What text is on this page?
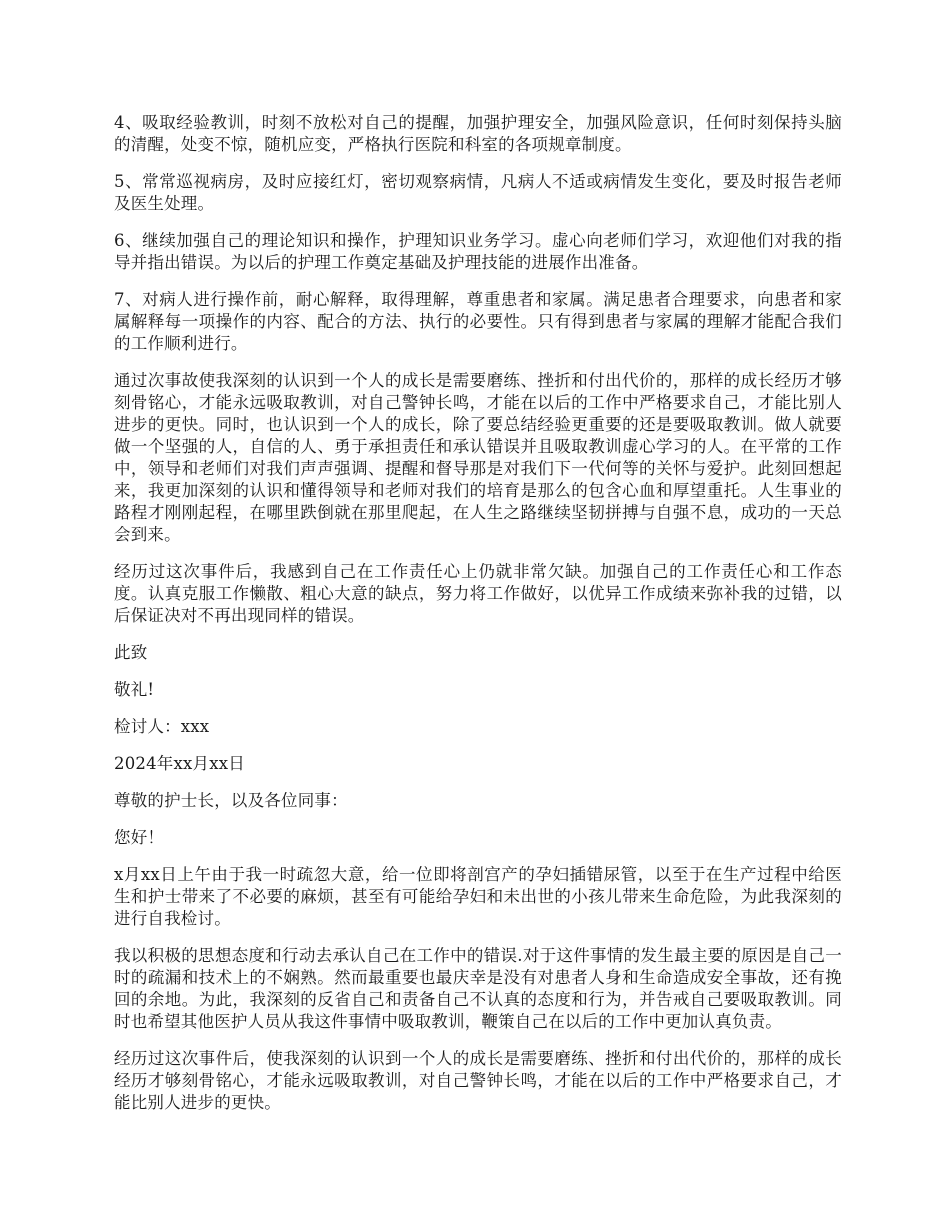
4、吸取经验教训，时刻不放松对自己的提醒，加强护理安全，加强风险意识，任何时刻保持头脑的清醒，处变不惊，随机应变，严格执行医院和科室的各项规章制度。

5、常常巡视病房，及时应接红灯，密切观察病情，凡病人不适或病情发生变化，要及时报告老师及医生处理。

6、继续加强自己的理论知识和操作，护理知识业务学习。虚心向老师们学习，欢迎他们对我的指导并指出错误。为以后的护理工作奠定基础及护理技能的进展作出准备。

7、对病人进行操作前，耐心解释，取得理解，尊重患者和家属。满足患者合理要求，向患者和家属解释每一项操作的内容、配合的方法、执行的必要性。只有得到患者与家属的理解才能配合我们的工作顺利进行。

通过次事故使我深刻的认识到一个人的成长是需要磨练、挫折和付出代价的，那样的成长经历才够刻骨铭心，才能永远吸取教训，对自己警钟长鸣，才能在以后的工作中严格要求自己，才能比别人进步的更快。同时，也认识到一个人的成长，除了要总结经验更重要的还是要吸取教训。做人就要做一个坚强的人，自信的人、勇于承担责任和承认错误并且吸取教训虚心学习的人。在平常的工作中，领导和老师们对我们声声强调、提醒和督导那是对我们下一代何等的关怀与爱护。此刻回想起来，我更加深刻的认识和懂得领导和老师对我们的培育是那么的包含心血和厚望重托。人生事业的路程才刚刚起程，在哪里跌倒就在那里爬起，在人生之路继续坚韧拼搏与自强不息，成功的一天总会到来。

经历过这次事件后，我感到自己在工作责任心上仍就非常欠缺。加强自己的工作责任心和工作态度。认真克服工作懒散、粗心大意的缺点，努力将工作做好，以优异工作成绩来弥补我的过错，以后保证决对不再出现同样的错误。

此致

敬礼!

检讨人：xxx

2024年xx月xx日

尊敬的护士长，以及各位同事：

您好！

x月xx日上午由于我一时疏忽大意，给一位即将剖宫产的孕妇插错尿管，以至于在生产过程中给医生和护士带来了不必要的麻烦，甚至有可能给孕妇和未出世的小孩儿带来生命危险，为此我深刻的进行自我检讨。

我以积极的思想态度和行动去承认自己在工作中的错误.对于这件事情的发生最主要的原因是自己一时的疏漏和技术上的不娴熟。然而最重要也最庆幸是没有对患者人身和生命造成安全事故，还有挽回的余地。为此，我深刻的反省自己和责备自己不认真的态度和行为，并告戒自己要吸取教训。同时也希望其他医护人员从我这件事情中吸取教训，鞭策自己在以后的工作中更加认真负责。

经历过这次事件后，使我深刻的认识到一个人的成长是需要磨练、挫折和付出代价的，那样的成长经历才够刻骨铭心，才能永远吸取教训，对自己警钟长鸣，才能在以后的工作中严格要求自己，才能比别人进步的更快。
